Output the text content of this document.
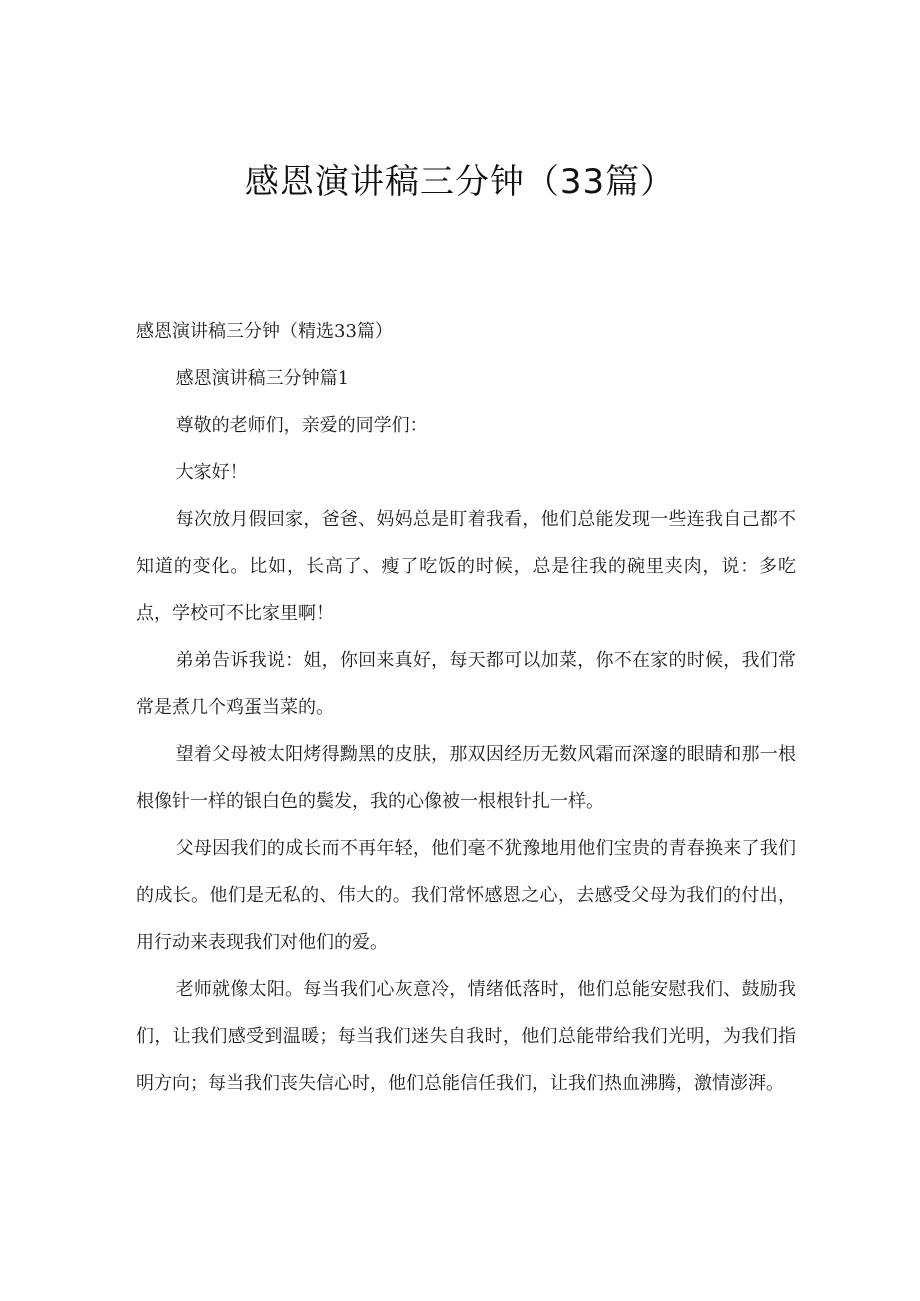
感恩演讲稿三分钟（33篇）

感恩演讲稿三分钟（精选33篇）

感恩演讲稿三分钟篇1

尊敬的老师们，亲爱的同学们：

大家好！

每次放月假回家，爸爸、妈妈总是盯着我看，他们总能发现一些连我自己都不知道的变化。比如，长高了、瘦了吃饭的时候，总是往我的碗里夹肉，说：多吃点，学校可不比家里啊！

弟弟告诉我说：姐，你回来真好，每天都可以加菜，你不在家的时候，我们常常是煮几个鸡蛋当菜的。

望着父母被太阳烤得黝黑的皮肤，那双因经历无数风霜而深邃的眼睛和那一根根像针一样的银白色的鬓发，我的心像被一根根针扎一样。

父母因我们的成长而不再年轻，他们毫不犹豫地用他们宝贵的青春换来了我们的成长。他们是无私的、伟大的。我们常怀感恩之心，去感受父母为我们的付出，用行动来表现我们对他们的爱。

老师就像太阳。每当我们心灰意冷，情绪低落时，他们总能安慰我们、鼓励我们，让我们感受到温暖；每当我们迷失自我时，他们总能带给我们光明，为我们指明方向；每当我们丧失信心时，他们总能信任我们，让我们热血沸腾，激情澎湃。
